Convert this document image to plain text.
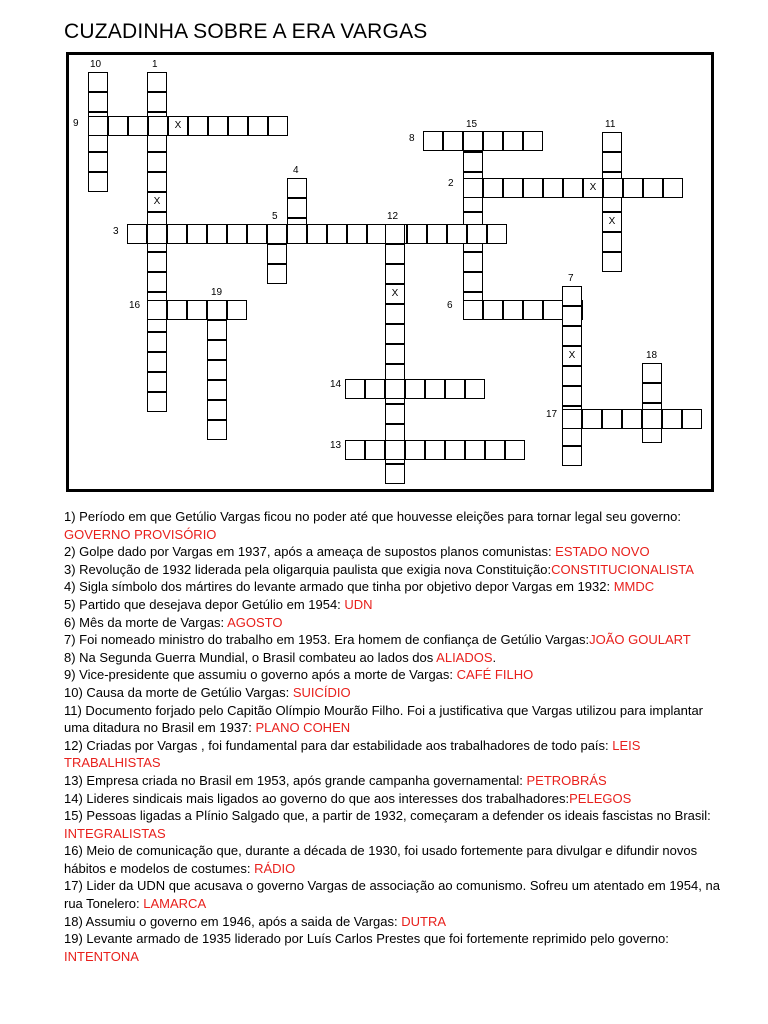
CUZADINHA SOBRE A ERA VARGAS
10
X
1
X
9	15
8
X
11
X
2
4
3
5
X
12
6
X
7
16
19
18
14
17
13

1) Período em que Getúlio Vargas ficou no poder até que houvesse eleições para tornar legal seu governo: GOVERNO PROVISÓRIO

2) Golpe dado por Vargas em 1937, após a ameaça de supostos planos comunistas: ESTADO NOVO

3) Revolução de 1932 liderada pela oligarquia paulista que exigia nova Constituição:CONSTITUCIONALISTA

4) Sigla símbolo dos mártires do levante armado que tinha por objetivo depor Vargas em 1932: MMDC

5) Partido que desejava depor Getúlio em 1954: UDN

6) Mês da morte de Vargas: AGOSTO

7) Foi nomeado ministro do trabalho em 1953. Era homem de confiança de Getúlio Vargas:JOÃO GOULART

8) Na Segunda Guerra Mundial, o Brasil combateu ao lados dos ALIADOS.

9) Vice-presidente que assumiu o governo após a morte de Vargas: CAFÉ FILHO

10) Causa da morte de Getúlio Vargas: SUICÍDIO

11) Documento forjado pelo Capitão Olímpio Mourão Filho. Foi a justificativa que Vargas utilizou para implantar uma ditadura no Brasil em 1937: PLANO COHEN

12) Criadas por Vargas , foi fundamental para dar estabilidade aos trabalhadores de todo país: LEIS TRABALHISTAS

13) Empresa criada no Brasil em 1953, após grande campanha governamental: PETROBRÁS

14) Lideres sindicais mais ligados ao governo do que aos interesses dos trabalhadores:PELEGOS

15) Pessoas ligadas a Plínio Salgado que, a partir de 1932, começaram a defender os ideais fascistas no Brasil: INTEGRALISTAS

16) Meio de comunicação que, durante a década de 1930, foi usado fortemente para divulgar e difundir novos hábitos e modelos de costumes: RÁDIO

17) Lider da UDN que acusava o governo Vargas de associação ao comunismo. Sofreu um atentado em 1954, na rua Tonelero: LAMARCA

18) Assumiu o governo em 1946, após a saida de Vargas: DUTRA

19) Levante armado de 1935 liderado por Luís Carlos Prestes que foi fortemente reprimido pelo governo: INTENTONA
